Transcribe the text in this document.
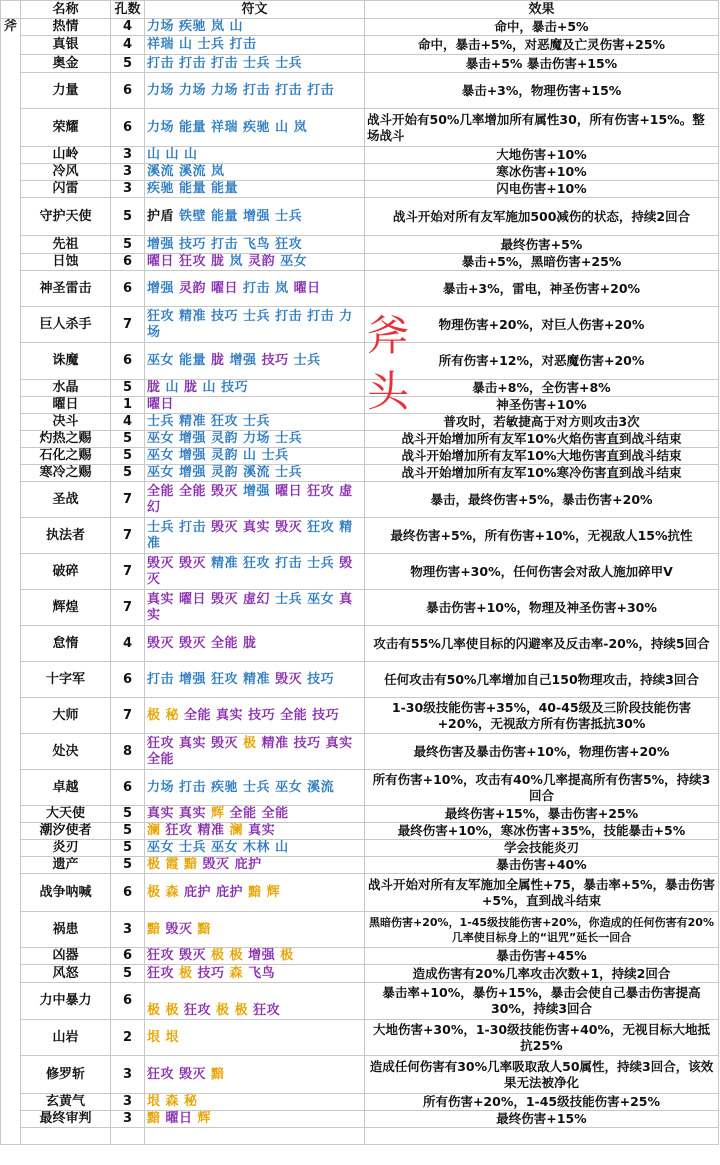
	名称	孔数	符文	效果
斧	热情	4	力场 疾驰 岚 山	命中，暴击+5%
	真银	4	祥瑞 山 士兵 打击	命中，暴击+5%，对恶魔及亡灵伤害+25%
	奥金	5	打击 打击 打击 士兵 士兵	暴击+5% 暴击伤害+15%
	力量	6	力场 力场 力场 打击 打击 打击	暴击+3%，物理伤害+15%
	荣耀	6	力场 能量 祥瑞 疾驰 山 岚	战斗开始有50%几率增加所有属性30，所有伤害+15%。整场战斗
	山岭	3	山 山 山	大地伤害+10%
	冷风	3	溪流 溪流 岚	寒冰伤害+10%
	闪雷	3	疾驰 能量 能量	闪电伤害+10%
	守护天使	5	护盾 铁壁 能量 增强 士兵	战斗开始对所有友军施加500减伤的状态，持续2回合
	先祖	5	增强 技巧 打击 飞鸟 狂攻	最终伤害+5%
	日蚀	6	曜日 狂攻 胧 岚 灵韵 巫女	暴击+5%，黑暗伤害+25%
	神圣雷击	6	增强 灵韵 曜日 打击 岚 曜日	暴击+3%，雷电，神圣伤害+20%
	巨人杀手	7	狂攻 精准 技巧 士兵 打击 打击 力场	物理伤害+20%，对巨人伤害+20%
	诛魔	6	巫女 能量 胧 增强 技巧 士兵	所有伤害+12%，对恶魔伤害+20%
	水晶	5	胧 山 胧 山 技巧	暴击+8%，全伤害+8%
	曜日	1	曜日	神圣伤害+10%
	决斗	4	士兵 精准 狂攻 士兵	普攻时，若敏捷高于对方则攻击3次
	灼热之赐	5	巫女 增强 灵韵 力场 士兵	战斗开始增加所有友军10%火焰伤害直到战斗结束
	石化之赐	5	巫女 增强 灵韵 山 士兵	战斗开始增加所有友军10%大地伤害直到战斗结束
	寒冷之赐	5	巫女 增强 灵韵 溪流 士兵	战斗开始增加所有友军10%寒冷伤害直到战斗结束
	圣战	7	全能 全能 毁灭 增强 曜日 狂攻 虚幻	暴击，最终伤害+5%，暴击伤害+20%
	执法者	7	士兵 打击 毁灭 真实 毁灭 狂攻 精准	最终伤害+5%，所有伤害+10%，无视敌人15%抗性
	破碎	7	毁灭 毁灭 精准 狂攻 打击 士兵 毁灭	物理伤害+30%，任何伤害会对敌人施加碎甲V
	辉煌	7	真实 曜日 毁灭 虚幻 士兵 巫女 真实	暴击伤害+10%，物理及神圣伤害+30%
	怠惰	4	毁灭 毁灭 全能 胧	攻击有55%几率使目标的闪避率及反击率-20%，持续5回合
	十字军	6	打击 增强 狂攻 精准 毁灭 技巧	任何攻击有50%几率增加自己150物理攻击，持续3回合
	大师	7	极 秘 全能 真实 技巧 全能 技巧	1-30级技能伤害+35%，40-45级及三阶段技能伤害+20%，无视敌方所有伤害抵抗30%
	处决	8	狂攻 真实 毁灭 极 精准 技巧 真实全能	最终伤害及暴击伤害+10%，物理伤害+20%
	卓越	6	力场 打击 疾驰 士兵 巫女 溪流	所有伤害+10%，攻击有40%几率提高所有伤害5%，持续3回合
	大天使	5	真实 真实 辉 全能 全能	最终伤害+15%，暴击伤害+25%
	潮汐使者	5	澜 狂攻 精准 澜 真实	最终伤害+10%，寒冰伤害+35%，技能暴击+5%
	炎刃	5	巫女 士兵 巫女 木林 山	学会技能炎刃
	遗产	5	极 霞 黯 毁灭 庇护	暴击伤害+40%
	战争呐喊	6	极 森 庇护 庇护 黯 辉	战斗开始对所有友军施加全属性+75，暴击率+5%，暴击伤害+5%，直到战斗结束
	祸患	3	黯 毁灭 黯	黑暗伤害+20%，1-45级技能伤害+20%，你造成的任何伤害有20%几率使目标身上的“诅咒”延长一回合
	凶器	6	狂攻 毁灭 极 极 增强 极	暴击伤害+45%
	风怒	5	狂攻 极 技巧 森 飞鸟	造成伤害有20%几率攻击次数+1，持续2回合
	力中暴力	6	极 极 狂攻 极 极 狂攻	暴击率+10%，暴伤+15%，暴击会使自己暴击伤害提高30%，持续3回合
	山岩	2	垠 垠	大地伤害+30%，1-30级技能伤害+40%，无视目标大地抵抗25%
	修罗斩	3	狂攻 毁灭 黯	造成任何伤害有30%几率吸取敌人50属性，持续3回合，该效果无法被净化
	玄黄气	3	垠 森 秘	所有伤害+20%，1-45级技能伤害+25%
	最终审判	3	黯 曜日 辉	最终伤害+15%

斧
头
